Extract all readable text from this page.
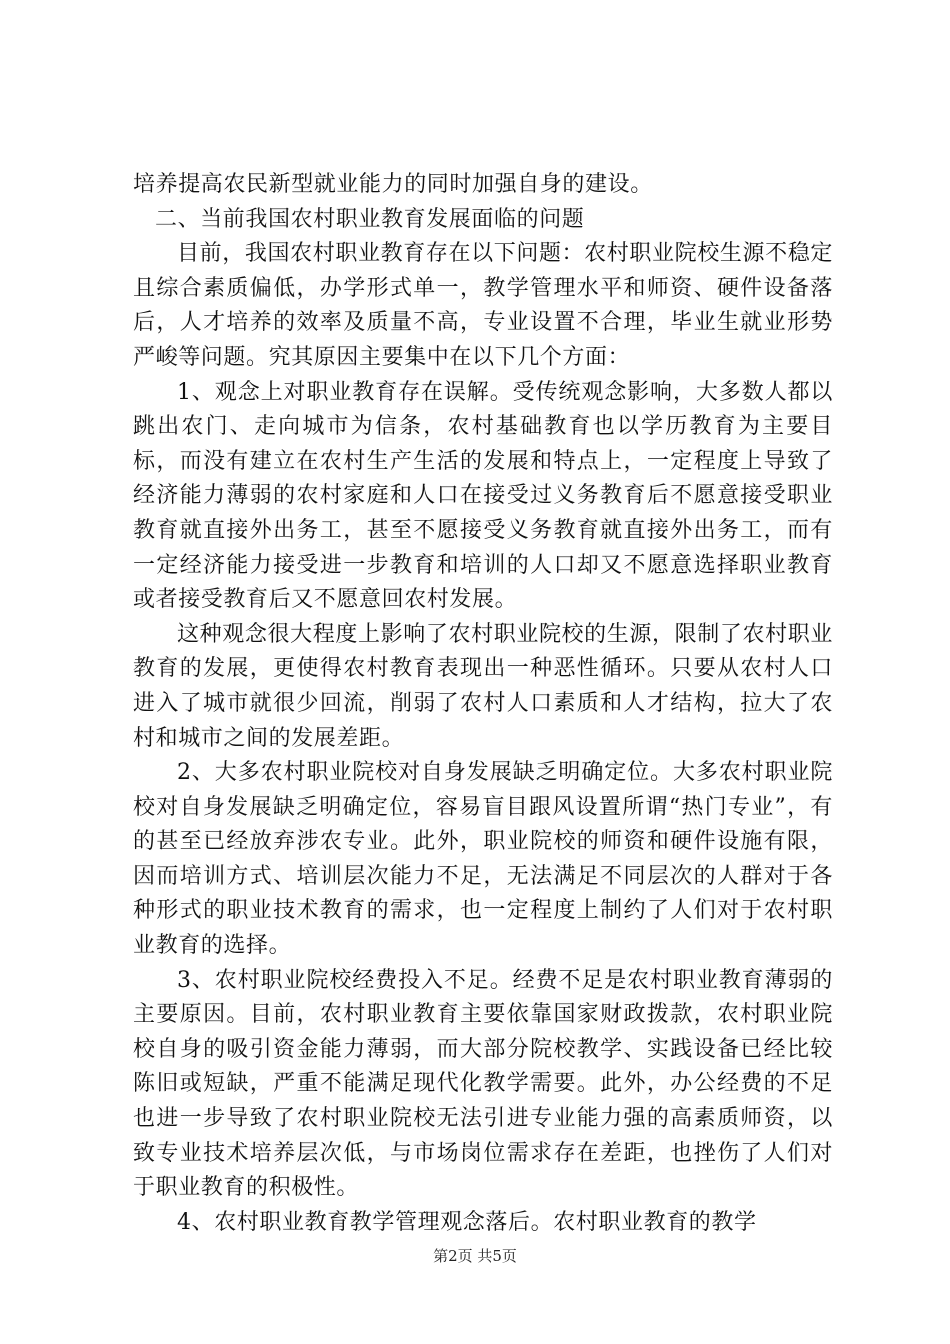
培养提高农民新型就业能力的同时加强自身的建设。

二、当前我国农村职业教育发展面临的问题

目前，我国农村职业教育存在以下问题：农村职业院校生源不稳定且综合素质偏低，办学形式单一，教学管理水平和师资、硬件设备落后，人才培养的效率及质量不高，专业设置不合理，毕业生就业形势严峻等问题。究其原因主要集中在以下几个方面：

1、观念上对职业教育存在误解。受传统观念影响，大多数人都以跳出农门、走向城市为信条，农村基础教育也以学历教育为主要目标，而没有建立在农村生产生活的发展和特点上，一定程度上导致了经济能力薄弱的农村家庭和人口在接受过义务教育后不愿意接受职业教育就直接外出务工，甚至不愿接受义务教育就直接外出务工，而有一定经济能力接受进一步教育和培训的人口却又不愿意选择职业教育或者接受教育后又不愿意回农村发展。

这种观念很大程度上影响了农村职业院校的生源，限制了农村职业教育的发展，更使得农村教育表现出一种恶性循环。只要从农村人口进入了城市就很少回流，削弱了农村人口素质和人才结构，拉大了农村和城市之间的发展差距。

2、大多农村职业院校对自身发展缺乏明确定位。大多农村职业院校对自身发展缺乏明确定位，容易盲目跟风设置所谓“热门专业”，有的甚至已经放弃涉农专业。此外，职业院校的师资和硬件设施有限，因而培训方式、培训层次能力不足，无法满足不同层次的人群对于各种形式的职业技术教育的需求，也一定程度上制约了人们对于农村职业教育的选择。

3、农村职业院校经费投入不足。经费不足是农村职业教育薄弱的主要原因。目前，农村职业教育主要依靠国家财政拨款，农村职业院校自身的吸引资金能力薄弱，而大部分院校教学、实践设备已经比较陈旧或短缺，严重不能满足现代化教学需要。此外，办公经费的不足也进一步导致了农村职业院校无法引进专业能力强的高素质师资，以致专业技术培养层次低，与市场岗位需求存在差距，也挫伤了人们对于职业教育的积极性。

4、农村职业教育教学管理观念落后。农村职业教育的教学

第2页 共5页
